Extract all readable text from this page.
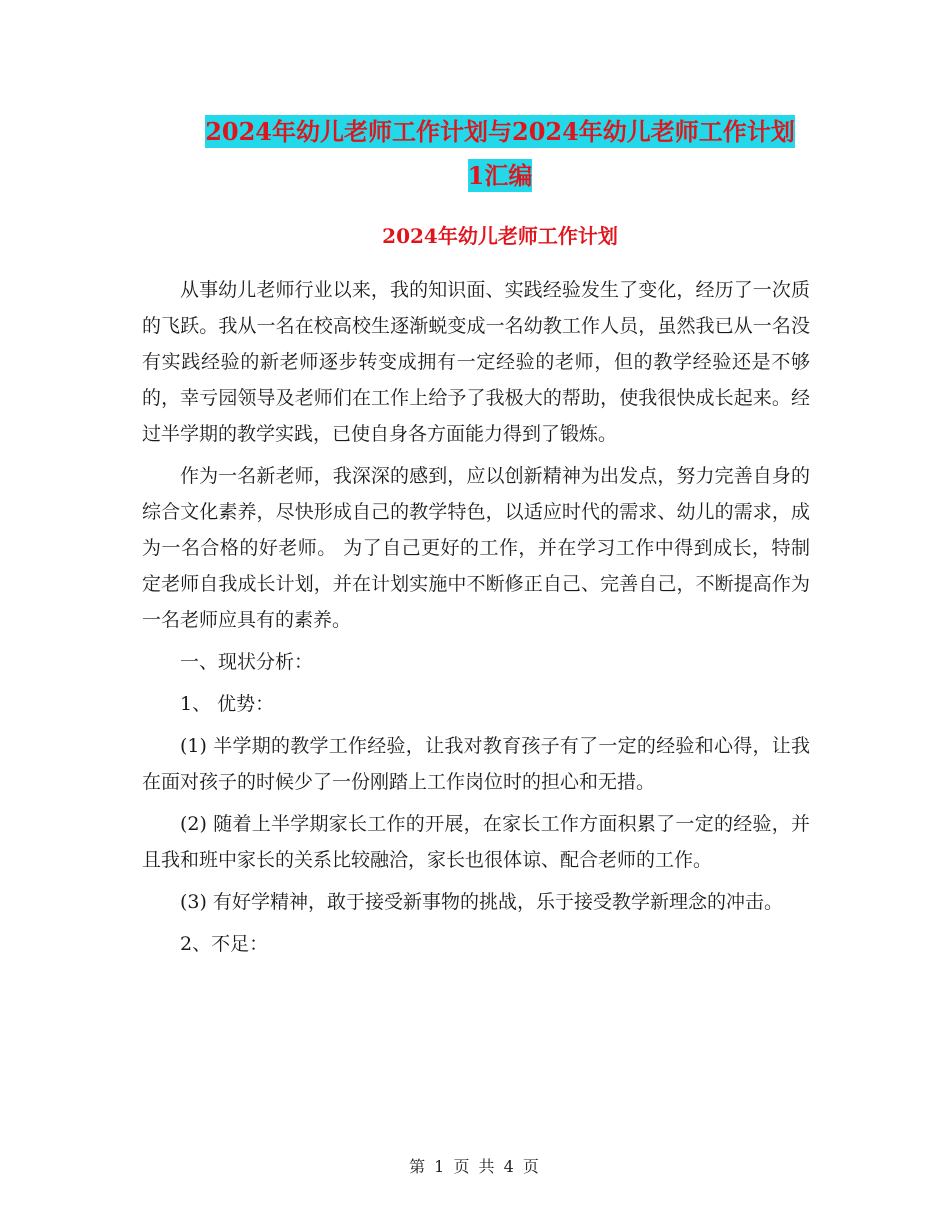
2024年幼儿老师工作计划与2024年幼儿老师工作计划
1汇编
2024年幼儿老师工作计划

从事幼儿老师行业以来，我的知识面、实践经验发生了变化，经历了一次质的飞跃。我从一名在校高校生逐渐蜕变成一名幼教工作人员，虽然我已从一名没有实践经验的新老师逐步转变成拥有一定经验的老师，但的教学经验还是不够的，幸亏园领导及老师们在工作上给予了我极大的帮助，使我很快成长起来。经过半学期的教学实践，已使自身各方面能力得到了锻炼。

作为一名新老师，我深深的感到，应以创新精神为出发点，努力完善自身的综合文化素养，尽快形成自己的教学特色，以适应时代的需求、幼儿的需求，成为一名合格的好老师。 为了自己更好的工作，并在学习工作中得到成长，特制定老师自我成长计划，并在计划实施中不断修正自己、完善自己，不断提高作为一名老师应具有的素养。

一、现状分析：

1、 优势：

(1) 半学期的教学工作经验，让我对教育孩子有了一定的经验和心得，让我在面对孩子的时候少了一份刚踏上工作岗位时的担心和无措。

(2) 随着上半学期家长工作的开展，在家长工作方面积累了一定的经验，并且我和班中家长的关系比较融洽，家长也很体谅、配合老师的工作。

(3) 有好学精神，敢于接受新事物的挑战，乐于接受教学新理念的冲击。

2、不足：

第 1 页 共 4 页
